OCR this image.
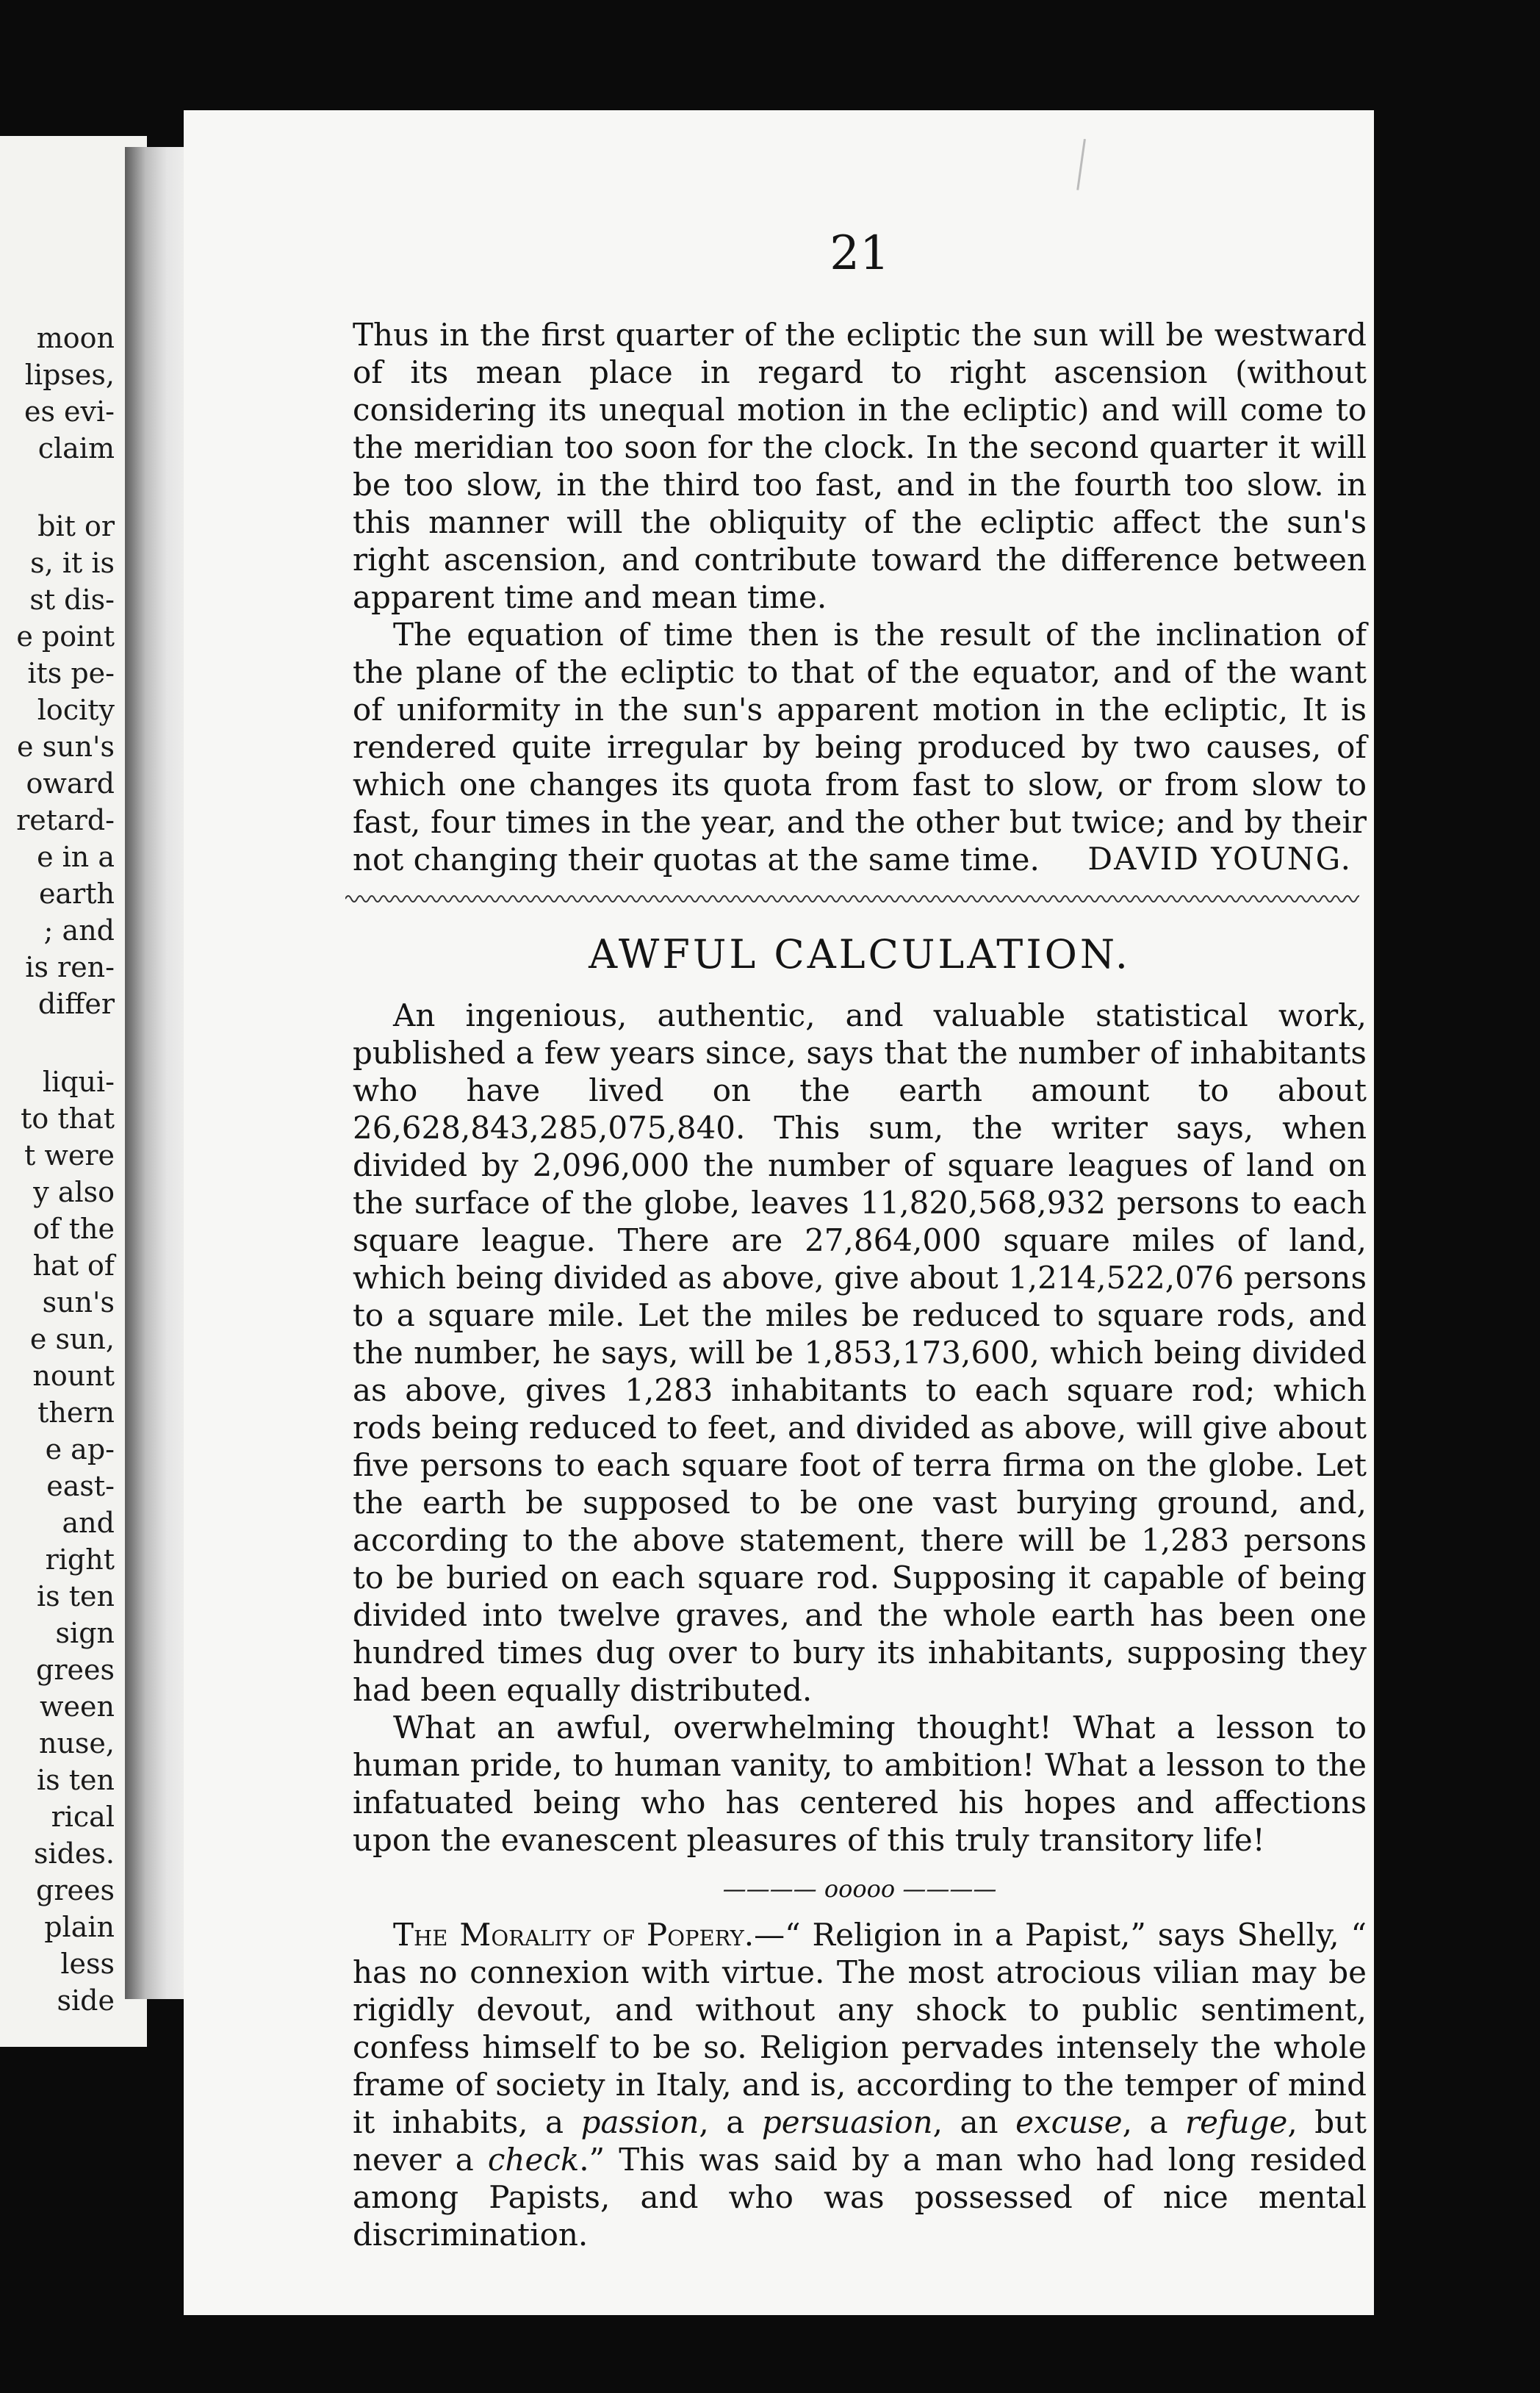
moon
lipses,
es evi-
claim
bit or
s, it is
st dis-
e point
its pe-
locity
e sun's
oward
retard-
e in a
earth
; and
is ren-
differ
liqui-
to that
t were
y also
of the
hat of
sun's
e sun,
nount
thern
e ap-
east-
and
right
is ten
sign
grees
ween
nuse,
is ten
rical
sides.
grees
plain
less
side
21

Thus in the first quarter of the ecliptic the sun will be westward of its mean place in regard to right ascension (without considering its unequal motion in the ecliptic) and will come to the meridian too soon for the clock. In the second quarter it will be too slow, in the third too fast, and in the fourth too slow. in this manner will the obliquity of the ecliptic affect the sun's right ascension, and contribute toward the difference between apparent time and mean time.

The equation of time then is the result of the inclination of the plane of the ecliptic to that of the equator, and of the want of uniformity in the sun's apparent motion in the ecliptic, It is rendered quite irregular by being produced by two causes, of which one changes its quota from fast to slow, or from slow to fast, four times in the year, and the other but twice; and by their not changing their quotas at the same time.	DAVID YOUNG.
AWFUL CALCULATION.

An ingenious, authentic, and valuable statistical work, published a few years since, says that the number of inhabitants who have lived on the earth amount to about 26,628,843,285,075,840. This sum, the writer says, when divided by 2,096,000 the number of square leagues of land on the surface of the globe, leaves 11,820,568,932 persons to each square league. There are 27,864,000 square miles of land, which being divided as above, give about 1,214,522,076 persons to a square mile. Let the miles be reduced to square rods, and the number, he says, will be 1,853,173,600, which being divided as above, gives 1,283 inhabitants to each square rod; which rods being reduced to feet, and divided as above, will give about five persons to each square foot of terra firma on the globe. Let the earth be supposed to be one vast burying ground, and, according to the above statement, there will be 1,283 persons to be buried on each square rod. Supposing it capable of being divided into twelve graves, and the whole earth has been one hundred times dug over to bury its inhabitants, supposing they had been equally distributed.

What an awful, overwhelming thought! What a lesson to human pride, to human vanity, to ambition! What a lesson to the infatuated being who has centered his hopes and affections upon the evanescent pleasures of this truly transitory life!

———— ooooo ————

The Morality of Popery.—“ Religion in a Papist,” says Shelly, “ has no connexion with virtue. The most atrocious vilian may be rigidly devout, and without any shock to public sentiment, confess himself to be so. Religion pervades intensely the whole frame of society in Italy, and is, according to the temper of mind it inhabits, a passion, a persuasion, an excuse, a refuge, but never a check.” This was said by a man who had long resided among Papists, and who was possessed of nice mental discrimination.
